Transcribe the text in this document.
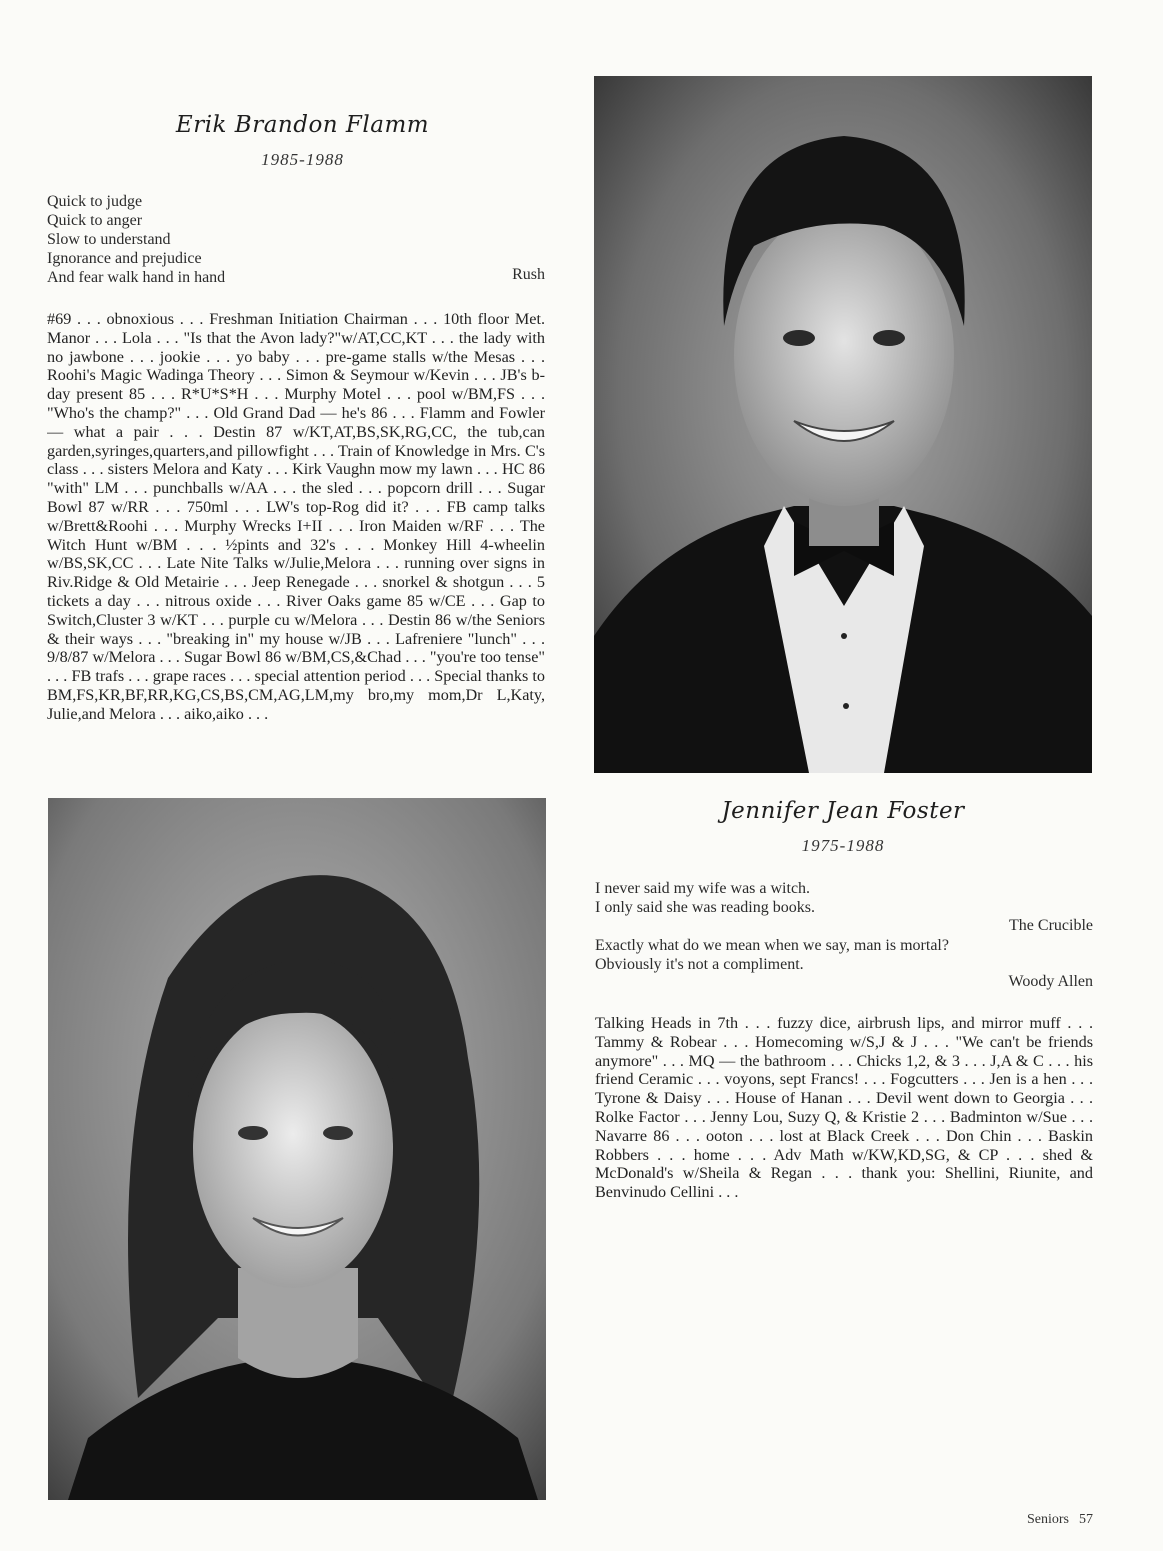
Erik Brandon Flamm
1985-1988
Quick to judge
Quick to anger
Slow to understand
Ignorance and prejudice
And fear walk hand in hand	Rush
#69 . . . obnoxious . . . Freshman Initiation Chairman . . . 10th floor Met. Manor . . . Lola . . . "Is that the Avon lady?"w/AT,CC,KT . . . the lady with no jawbone . . . jookie . . . yo baby . . . pre-game stalls w/the Mesas . . . Roohi's Magic Wadinga Theory . . . Simon & Seymour w/Kevin . . . JB's b-day present 85 . . . R*U*S*H . . . Murphy Motel . . . pool w/BM,FS . . . "Who's the champ?" . . . Old Grand Dad — he's 86 . . . Flamm and Fowler — what a pair . . . Destin 87 w/KT,AT,BS,SK,RG,CC, the tub,can garden,syringes,quarters,and pillowfight . . . Train of Knowledge in Mrs. C's class . . . sisters Melora and Katy . . . Kirk Vaughn mow my lawn . . . HC 86 "with" LM . . . punchballs w/AA . . . the sled . . . popcorn drill . . . Sugar Bowl 87 w/RR . . . 750ml . . . LW's top-Rog did it? . . . FB camp talks w/Brett&Roohi . . . Murphy Wrecks I+II . . . Iron Maiden w/RF . . . The Witch Hunt w/BM . . . ½pints and 32's . . . Monkey Hill 4-wheelin w/BS,SK,CC . . . Late Nite Talks w/Julie,Melora . . . running over signs in Riv.Ridge & Old Metairie . . . Jeep Renegade . . . snorkel & shotgun . . . 5 tickets a day . . . nitrous oxide . . . River Oaks game 85 w/CE . . . Gap to Switch,Cluster 3 w/KT . . . purple cu w/Melora . . . Destin 86 w/the Seniors & their ways . . . "breaking in" my house w/JB . . . Lafreniere "lunch" . . . 9/8/87 w/Melora . . . Sugar Bowl 86 w/BM,CS,&Chad . . . "you're too tense" . . . FB trafs . . . grape races . . . special attention period . . . Special thanks to BM,FS,KR,BF,RR,KG,CS,BS,CM,AG,LM,my bro,my mom,Dr L,Katy, Julie,and Melora . . . aiko,aiko . . .
Jennifer Jean Foster
1975-1988
I never said my wife was a witch.
I only said she was reading books.
The Crucible
Exactly what do we mean when we say, man is mortal?
Obviously it's not a compliment.
Woody Allen
Talking Heads in 7th . . . fuzzy dice, airbrush lips, and mirror muff . . . Tammy & Robear . . . Homecoming w/S,J & J . . . "We can't be friends anymore" . . . MQ — the bathroom . . . Chicks 1,2, & 3 . . . J,A & C . . . his friend Ceramic . . . voyons, sept Francs! . . . Fogcutters . . . Jen is a hen . . . Tyrone & Daisy . . . House of Hanan . . . Devil went down to Georgia . . . Rolke Factor . . . Jenny Lou, Suzy Q, & Kristie 2 . . . Badminton w/Sue . . . Navarre 86 . . . ooton . . . lost at Black Creek . . . Don Chin . . . Baskin Robbers . . . home . . . Adv Math w/KW,KD,SG, & CP . . . shed & McDonald's w/Sheila & Regan . . . thank you: Shellini, Riunite, and Benvinudo Cellini . . .
Seniors 57
